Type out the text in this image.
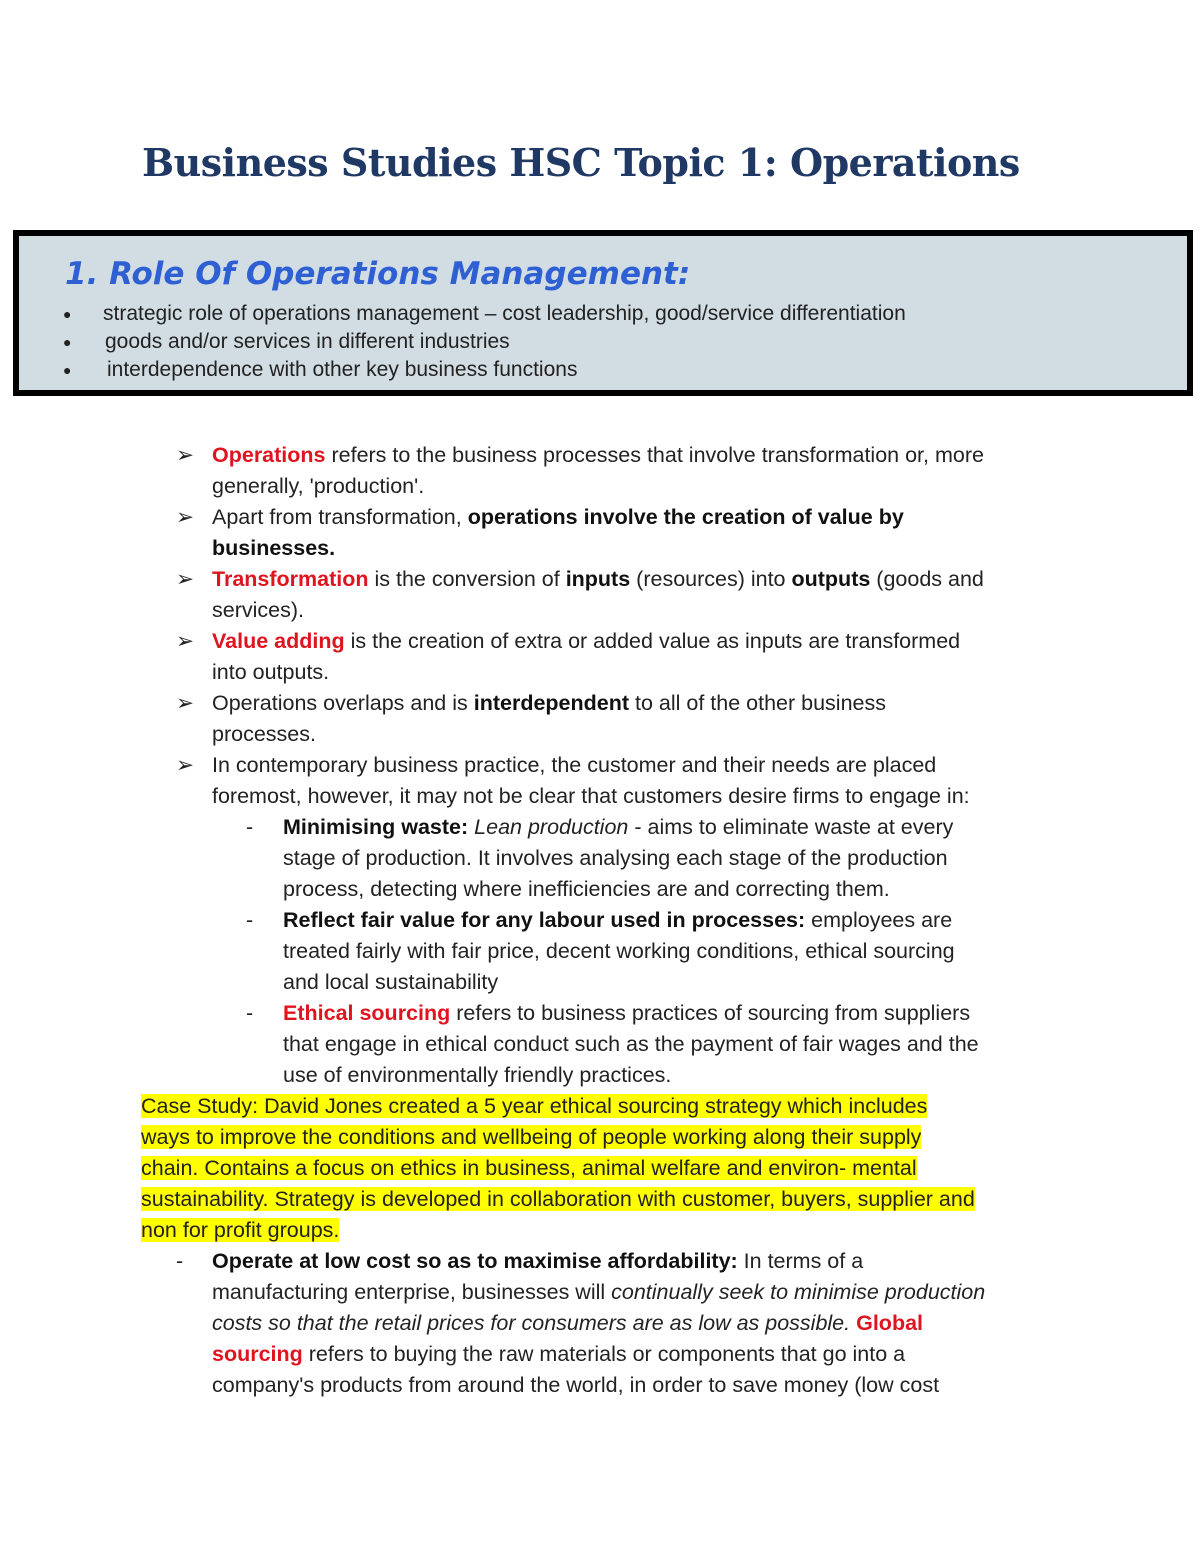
Business Studies HSC Topic 1: Operations
1. Role Of Operations Management:
● strategic role of operations management – cost leadership, good/service differentiation
● goods and/or services in different industries
● interdependence with other key business functions
➢ Operations refers to the business processes that involve transformation or, more
generally, 'production'.
➢ Apart from transformation, operations involve the creation of value by
businesses.
➢ Transformation is the conversion of inputs (resources) into outputs (goods and
services).
➢ Value adding is the creation of extra or added value as inputs are transformed
into outputs.
➢ Operations overlaps and is interdependent to all of the other business
processes.
➢ In contemporary business practice, the customer and their needs are placed
foremost, however, it may not be clear that customers desire firms to engage in:
- Minimising waste: Lean production - aims to eliminate waste at every
stage of production. It involves analysing each stage of the production
process, detecting where inefficiencies are and correcting them.
- Reflect fair value for any labour used in processes: employees are
treated fairly with fair price, decent working conditions, ethical sourcing
and local sustainability
- Ethical sourcing refers to business practices of sourcing from suppliers
that engage in ethical conduct such as the payment of fair wages and the
use of environmentally friendly practices.
Case Study: David Jones created a 5 year ethical sourcing strategy which includes
ways to improve the conditions and wellbeing of people working along their supply
chain. Contains a focus on ethics in business, animal welfare and environ- mental
sustainability. Strategy is developed in collaboration with customer, buyers, supplier and
non for profit groups.
- Operate at low cost so as to maximise affordability: In terms of a
manufacturing enterprise, businesses will continually seek to minimise production
costs so that the retail prices for consumers are as low as possible. Global
sourcing refers to buying the raw materials or components that go into a
company's products from around the world, in order to save money (low cost
